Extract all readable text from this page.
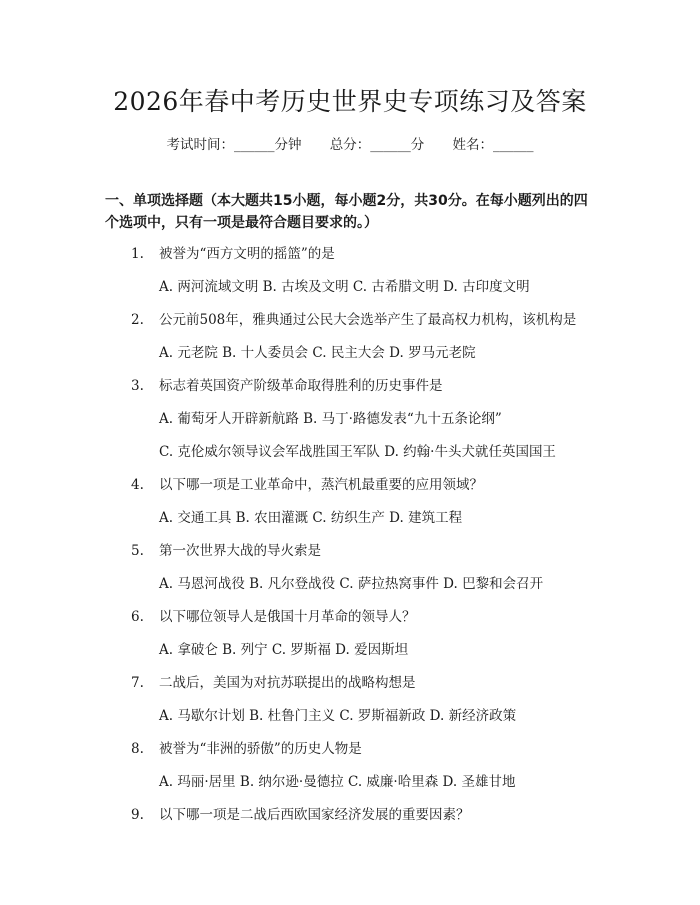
2026年春中考历史世界史专项练习及答案
考试时间：______分钟 总分：______分 姓名：______
一、单项选择题（本大题共15小题，每小题2分，共30分。在每小题列出的四个选项中，只有一项是最符合题目要求的。）
1. 被誉为“西方文明的摇篮”的是
A. 两河流域文明 B. 古埃及文明 C. 古希腊文明 D. 古印度文明
2. 公元前508年，雅典通过公民大会选举产生了最高权力机构，该机构是
A. 元老院 B. 十人委员会 C. 民主大会 D. 罗马元老院
3. 标志着英国资产阶级革命取得胜利的历史事件是
A. 葡萄牙人开辟新航路 B. 马丁·路德发表“九十五条论纲”
C. 克伦威尔领导议会军战胜国王军队 D. 约翰·牛头犬就任英国国王
4. 以下哪一项是工业革命中，蒸汽机最重要的应用领域？
A. 交通工具 B. 农田灌溉 C. 纺织生产 D. 建筑工程
5. 第一次世界大战的导火索是
A. 马恩河战役 B. 凡尔登战役 C. 萨拉热窝事件 D. 巴黎和会召开
6. 以下哪位领导人是俄国十月革命的领导人？
A. 拿破仑 B. 列宁 C. 罗斯福 D. 爱因斯坦
7. 二战后，美国为对抗苏联提出的战略构想是
A. 马歇尔计划 B. 杜鲁门主义 C. 罗斯福新政 D. 新经济政策
8. 被誉为“非洲的骄傲”的历史人物是
A. 玛丽·居里 B. 纳尔逊·曼德拉 C. 威廉·哈里森 D. 圣雄甘地
9. 以下哪一项是二战后西欧国家经济发展的重要因素？
